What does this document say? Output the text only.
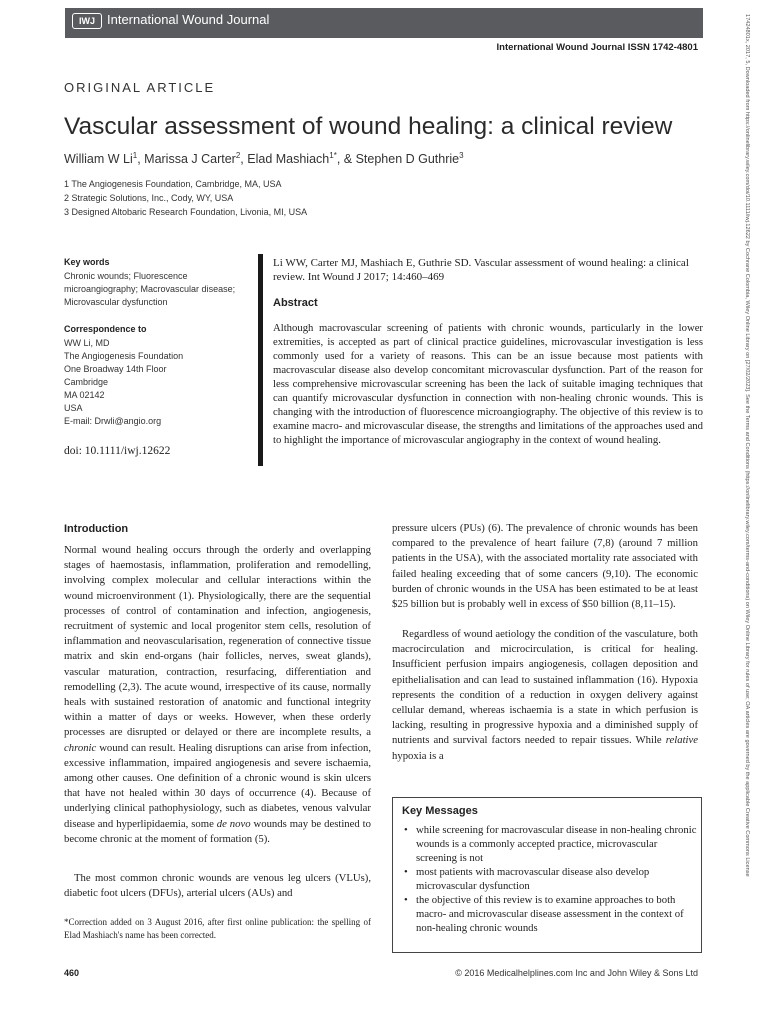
IWJ International Wound Journal
International Wound Journal ISSN 1742-4801
ORIGINAL ARTICLE
Vascular assessment of wound healing: a clinical review
William W Li$^1$, Marissa J Carter$^2$, Elad Mashiach$^{1*}$, & Stephen D Guthrie$^3$
1 The Angiogenesis Foundation, Cambridge, MA, USA
2 Strategic Solutions, Inc., Cody, WY, USA
3 Designed Altobaric Research Foundation, Livonia, MI, USA
Key words
Chronic wounds; Fluorescence
microangiography; Macrovascular disease;
Microvascular dysfunction
Correspondence to
WW Li, MD
The Angiogenesis Foundation
One Broadway 14th Floor
Cambridge
MA 02142
USA
E-mail: Drwli@angio.org
doi: 10.1111/iwj.12622
Li WW, Carter MJ, Mashiach E, Guthrie SD. Vascular assessment of wound healing: a clinical review. Int Wound J 2017; 14:460–469
Abstract
Although macrovascular screening of patients with chronic wounds, particularly in the lower extremities, is accepted as part of clinical practice guidelines, microvascular investigation is less commonly used for a variety of reasons. This can be an issue because most patients with macrovascular disease also develop concomitant microvascular dysfunction. Part of the reason for less comprehensive microvascular screening has been the lack of suitable imaging techniques that can quantify microvascular dysfunction in connection with non-healing chronic wounds. This is changing with the introduction of fluorescence microangiography. The objective of this review is to examine macro- and microvascular disease, the strengths and limitations of the approaches used and to highlight the importance of microvascular angiography in the context of wound healing.
Introduction
Normal wound healing occurs through the orderly and overlapping stages of haemostasis, inflammation, proliferation and remodelling, involving complex molecular and cellular interactions within the wound microenvironment (1). Physiologically, there are the sequential processes of control of contamination and infection, angiogenesis, recruitment of systemic and local progenitor stem cells, resolution of inflammation and neovascularisation, regeneration of connective tissue matrix and skin end-organs (hair follicles, nerves, sweat glands), vascular maturation, contraction, resurfacing, differentiation and remodelling (2,3). The acute wound, irrespective of its cause, normally heals with sustained restoration of anatomic and functional integrity within a matter of days or weeks. However, when these orderly processes are disrupted or delayed or there are incomplete results, a chronic wound can result. Healing disruptions can arise from infection, excessive inflammation, impaired angiogenesis and severe ischaemia, among other causes. One definition of a chronic wound is skin ulcers that have not healed within 30 days of occurrence (4). Because of underlying clinical pathophysiology, such as diabetes, venous valvular disease and hyperlipidaemia, some de novo wounds may be destined to become chronic at the moment of formation (5).
The most common chronic wounds are venous leg ulcers (VLUs), diabetic foot ulcers (DFUs), arterial ulcers (AUs) and
*Correction added on 3 August 2016, after first online publication: the spelling of Elad Mashiach's name has been corrected.
pressure ulcers (PUs) (6). The prevalence of chronic wounds has been compared to the prevalence of heart failure (7,8) (around 7 million patients in the USA), with the associated mortality rate associated with failed healing exceeding that of some cancers (9,10). The economic burden of chronic wounds in the USA has been estimated to be at least $25 billion but is probably well in excess of $50 billion (8,11–15).
Regardless of wound aetiology the condition of the vasculature, both macrocirculation and microcirculation, is critical for healing. Insufficient perfusion impairs angiogenesis, collagen deposition and epithelialisation and can lead to sustained inflammation (16). Hypoxia represents the condition of a reduction in oxygen delivery against cellular demand, whereas ischaemia is a state in which perfusion is lacking, resulting in progressive hypoxia and a diminished supply of nutrients and survival factors needed to repair tissues. While relative hypoxia is a
Key Messages
• while screening for macrovascular disease in non-healing chronic wounds is a commonly accepted practice, microvascular screening is not
• most patients with macrovascular disease also develop microvascular dysfunction
• the objective of this review is to examine approaches to both macro- and microvascular disease assessment in the context of non-healing chronic wounds
460	© 2016 Medicalhelplines.com Inc and John Wiley & Sons Ltd
17424801x, 2017, 5, Downloaded from https://onlinelibrary.wiley.com/doi/10.1111/iwj.12622 by Cochrane Colombia, Wiley Online Library on [27/02/2023]. See the Terms and Conditions (https://onlinelibrary.wiley.com/terms-and-conditions) on Wiley Online Library for rules of use; OA articles are governed by the applicable Creative Commons License
